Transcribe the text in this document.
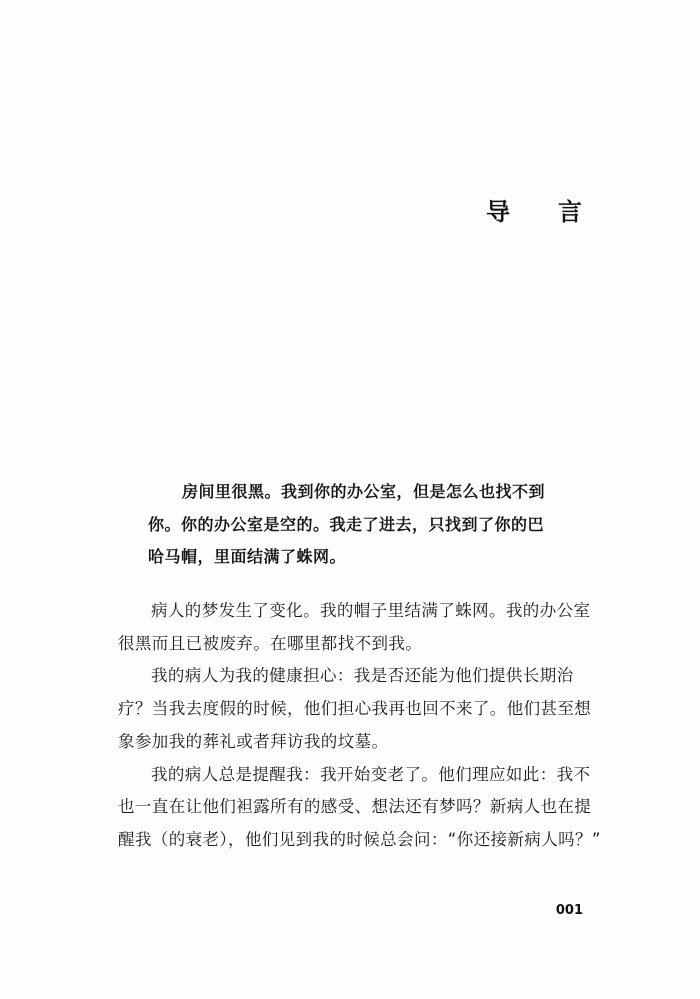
导 言
房间里很黑。我到你的办公室，但是怎么也找不到
你。你的办公室是空的。我走了进去，只找到了你的巴
哈马帽，里面结满了蛛网。
病人的梦发生了变化。我的帽子里结满了蛛网。我的办公室
很黑而且已被废弃。在哪里都找不到我。
我的病人为我的健康担心：我是否还能为他们提供长期治
疗？当我去度假的时候，他们担心我再也回不来了。他们甚至想
象参加我的葬礼或者拜访我的坟墓。
我的病人总是提醒我：我开始变老了。他们理应如此：我不
也一直在让他们袒露所有的感受、想法还有梦吗？新病人也在提
醒我（的衰老），他们见到我的时候总会问：“你还接新病人吗？”
001
